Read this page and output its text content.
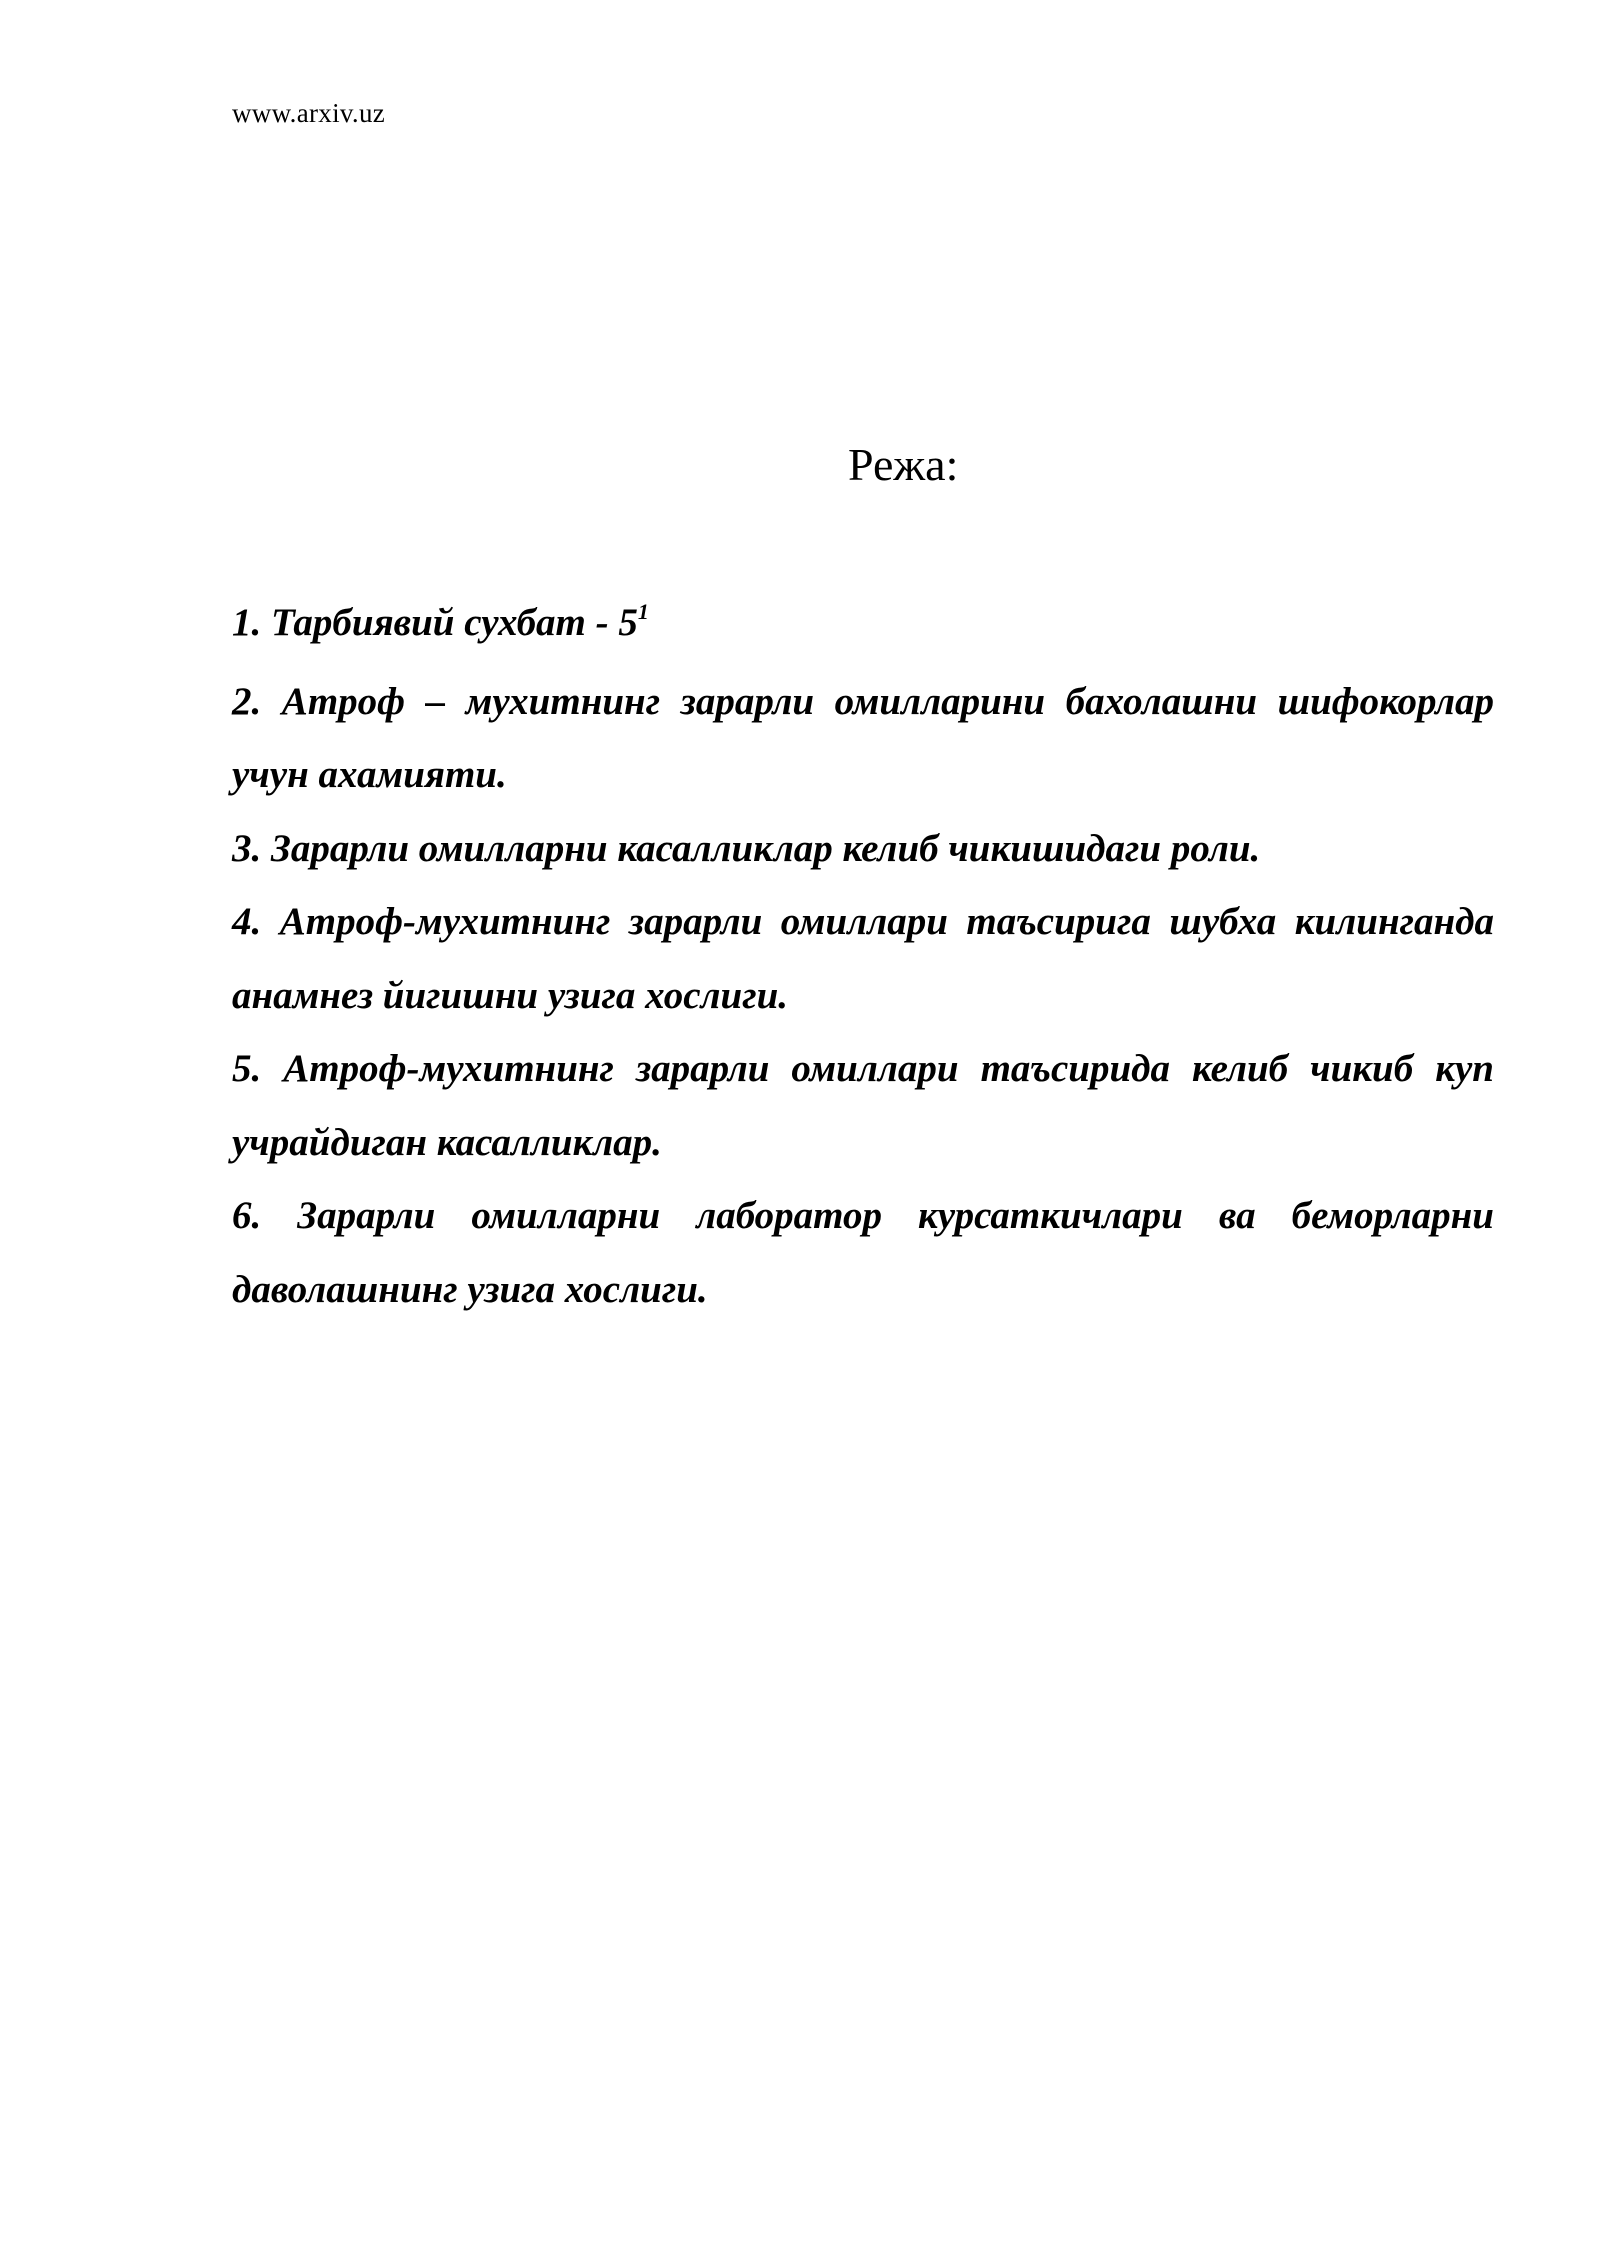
www.arxiv.uz
Режа:
1. Тарбиявий сухбат - $5^1$
2. Атроф – мухитнинг зарарли омилларини бахолашни шифокорлар учун ахамияти.
3. Зарарли омилларни касалликлар келиб чикишидаги роли.
4. Атроф-мухитнинг зарарли омиллари таъсирига шубха килинганда анамнез йигишни узига хослиги.
5. Атроф-мухитнинг зарарли омиллари таъсирида келиб чикиб куп учрайдиган касалликлар.
6. Зарарли омилларни лаборатор курсаткичлари ва беморларни даволашнинг узига хослиги.
